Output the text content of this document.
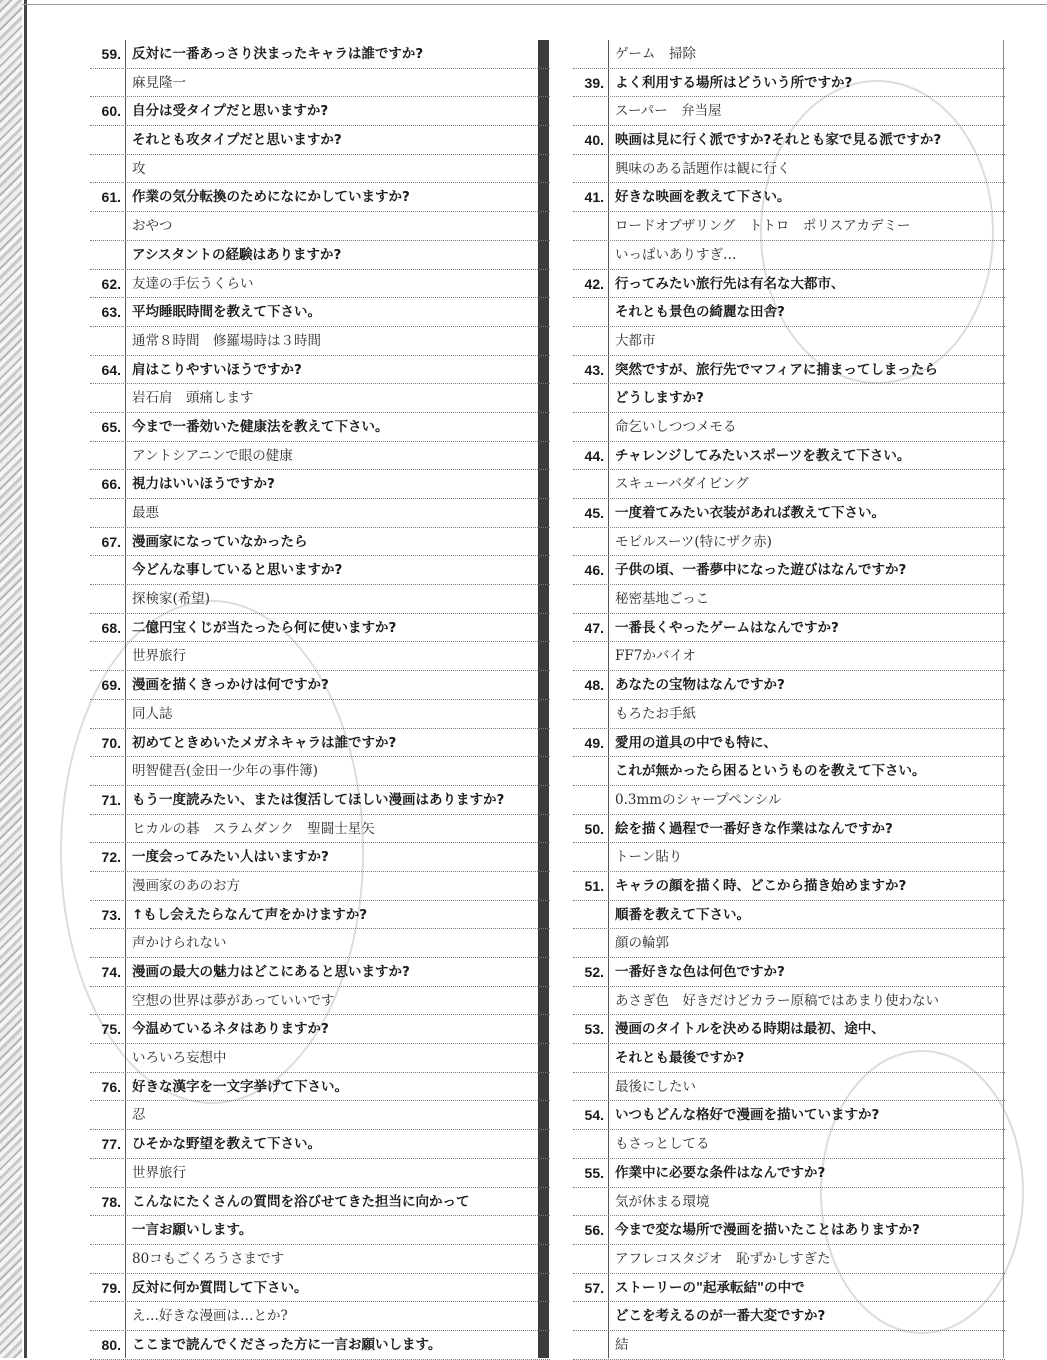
59. 反対に一番あっさり決まったキャラは誰ですか?
麻見隆一
60. 自分は受タイプだと思いますか?
それとも攻タイプだと思いますか?
攻
61. 作業の気分転換のためになにかしていますか?
おやつ
アシスタントの経験はありますか?
62. 友達の手伝うくらい
63. 平均睡眠時間を教えて下さい。
通常８時間　修羅場時は３時間
64. 肩はこりやすいほうですか?
岩石肩　頭痛します
65. 今まで一番効いた健康法を教えて下さい。
アントシアニンで眼の健康
66. 視力はいいほうですか?
最悪
67. 漫画家になっていなかったら
今どんな事していると思いますか?
探検家(希望)
68. 二億円宝くじが当たったら何に使いますか?
世界旅行
69. 漫画を描くきっかけは何ですか?
同人誌
70. 初めてときめいたメガネキャラは誰ですか?
明智健吾(金田一少年の事件簿)
71. もう一度読みたい、または復活してほしい漫画はありますか?
ヒカルの碁　スラムダンク　聖闘士星矢
72. 一度会ってみたい人はいますか?
漫画家のあのお方
73. ↑もし会えたらなんて声をかけますか?
声かけられない
74. 漫画の最大の魅力はどこにあると思いますか?
空想の世界は夢があっていいです
75. 今温めているネタはありますか?
いろいろ妄想中
76. 好きな漢字を一文字挙げて下さい。
忍
77. ひそかな野望を教えて下さい。
世界旅行
78. こんなにたくさんの質問を浴びせてきた担当に向かって
一言お願いします。
80コもごくろうさまです
79. 反対に何か質問して下さい。
え…好きな漫画は…とか?
80. ここまで読んでくださった方に一言お願いします。
ゲーム　掃除
39. よく利用する場所はどういう所ですか?
スーパー　弁当屋
40. 映画は見に行く派ですか?それとも家で見る派ですか?
興味のある話題作は観に行く
41. 好きな映画を教えて下さい。
ロードオブザリング　トトロ　ポリスアカデミー
いっぱいありすぎ…
42. 行ってみたい旅行先は有名な大都市、
それとも景色の綺麗な田舎?
大都市
43. 突然ですが、旅行先でマフィアに捕まってしまったら
どうしますか?
命乞いしつつメモる
44. チャレンジしてみたいスポーツを教えて下さい。
スキューバダイビング
45. 一度着てみたい衣装があれば教えて下さい。
モビルスーツ(特にザク赤)
46. 子供の頃、一番夢中になった遊びはなんですか?
秘密基地ごっこ
47. 一番長くやったゲームはなんですか?
FF7かバイオ
48. あなたの宝物はなんですか?
もろたお手紙
49. 愛用の道具の中でも特に、
これが無かったら困るというものを教えて下さい。
0.3mmのシャープペンシル
50. 絵を描く過程で一番好きな作業はなんですか?
トーン貼り
51. キャラの顔を描く時、どこから描き始めますか?
順番を教えて下さい。
顔の輪郭
52. 一番好きな色は何色ですか?
あさぎ色　好きだけどカラー原稿ではあまり使わない
53. 漫画のタイトルを決める時期は最初、途中、
それとも最後ですか?
最後にしたい
54. いつもどんな格好で漫画を描いていますか?
もさっとしてる
55. 作業中に必要な条件はなんですか?
気が休まる環境
56. 今まで変な場所で漫画を描いたことはありますか?
アフレコスタジオ　恥ずかしすぎた
57. ストーリーの"起承転結"の中で
どこを考えるのが一番大変ですか?
結
